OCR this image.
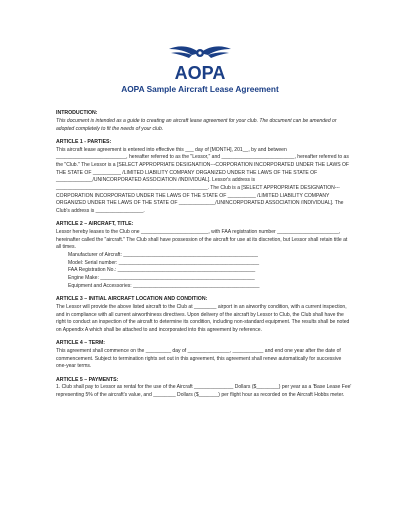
AOPA
AOPA Sample Aircraft Lease Agreement
INTRODUCTION:
This document is intended as a guide to creating an aircraft lease agreement for your club. The document can be amended or adopted completely to fit the needs of your club.
ARTICLE 1 - PARTIES:
This aircraft lease agreement is entered into effective this ___ day of [MONTH], 201__, by and between _________________________, hereafter referred to as the "Lessor," and __________________________, hereafter referred to as the "Club." The Lessor is a [SELECT APPROPRIATE DESIGNATION---CORPORATION INCORPORATED UNDER THE LAWS OF THE STATE OF __________ /LIMITED LIABILITY COMPANY ORGANIZED UNDER THE LAWS OF THE STATE OF _____________/UNINCORPORATED ASSOCIATION /INDIVIDUAL]. Lessor's address is ______________________________________________________. The Club is a [SELECT APPROPRIATE DESIGNATION---CORPORATION INCORPORATED UNDER THE LAWS OF THE STATE OF __________ /LIMITED LIABILITY COMPANY ORGANIZED UNDER THE LAWS OF THE STATE OF _____________/UNINCORPORATED ASSOCIATION /INDIVIDUAL]. The Club's address is _________________.
ARTICLE 2 – AIRCRAFT, TITLE:
Lessor hereby leases to the Club one ________________________, with FAA registration number ______________________, hereinafter called the "aircraft." The Club shall have possession of the aircraft for use at its discretion, but Lessor shall retain title at all times.
Manufacturer of Aircraft: ________________________________________________
Model: Serial number: __________________________________________________
FAA Registration No.: _________________________________________________
Engine Make: _______________________________________________________
Equipment and Accessories: _____________________________________________
ARTICLE 3 – INITIAL AIRCRAFT LOCATION AND CONDITION:
The Lessor will provide the above listed aircraft to the Club at ________ airport in an airworthy condition, with a current inspection, and in compliance with all current airworthiness directives. Upon delivery of the aircraft by Lessor to Club, the Club shall have the right to conduct an inspection of the aircraft to determine its condition, including non-standard equipment. The results shall be noted on Appendix A which shall be attached to and incorporated into this agreement by reference.
ARTICLE 4 – TERM:
This agreement shall commence on the _________ day of _______________, ___________ and end one year after the date of commencement. Subject to termination rights set out in this agreement, this agreement shall renew automatically for successive one-year terms.
ARTICLE 5 – PAYMENTS:
1. Club shall pay to Lessor as rental for the use of the Aircraft ______________ Dollars ($________) per year as a 'Base Lease Fee' representing 5% of the aircraft's value, and ________ Dollars ($_______) per flight hour as recorded on the Aircraft Hobbs meter.
